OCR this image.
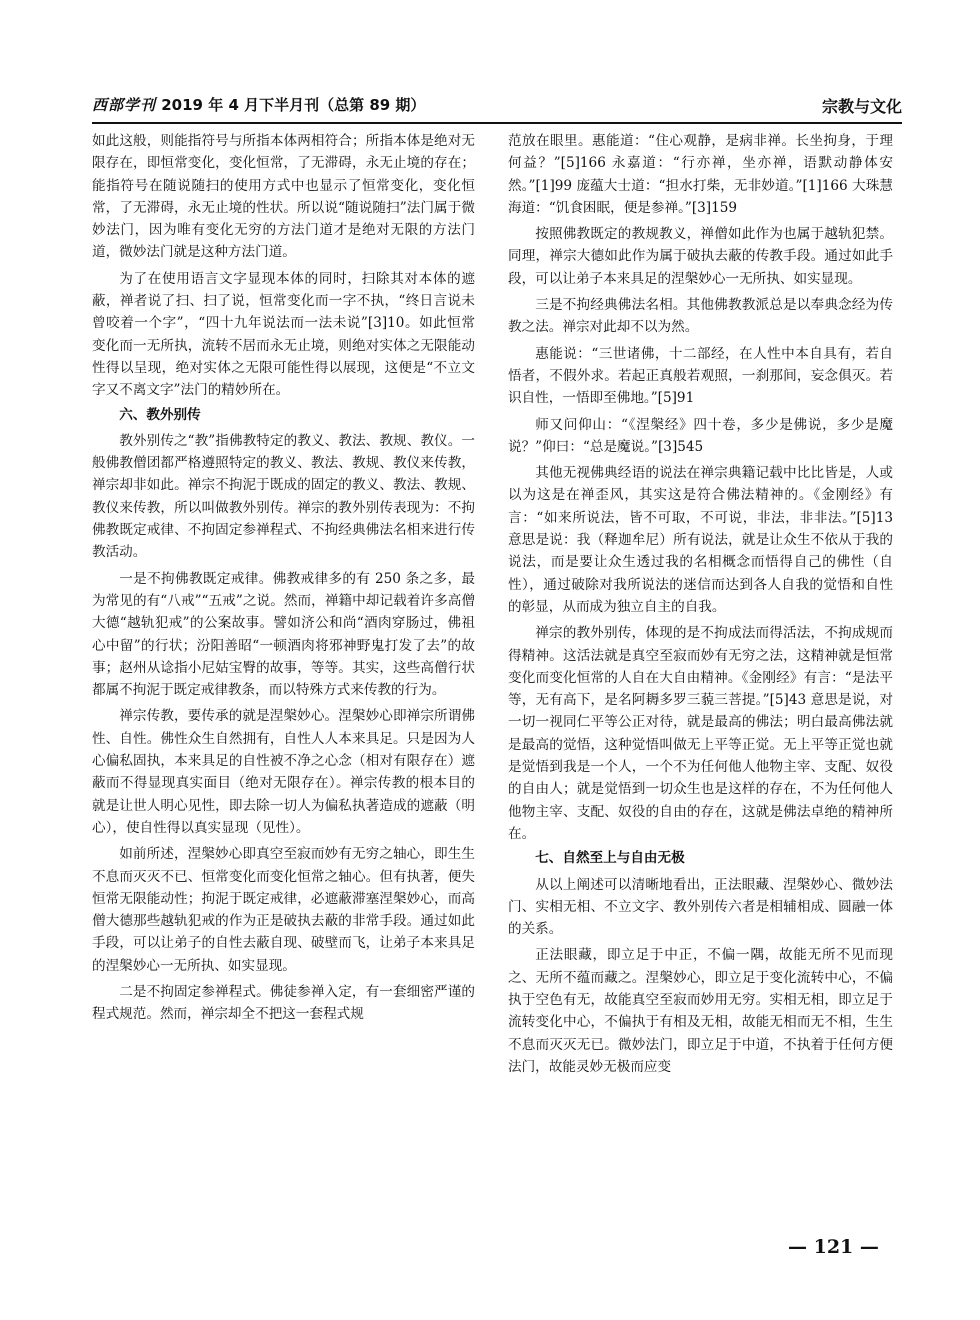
西部学刊 2019 年 4 月下半月刊（总第 89 期）	宗教与文化

如此这般，则能指符号与所指本体两相符合；所指本体是绝对无限存在，即恒常变化，变化恒常，了无滞碍，永无止境的存在；能指符号在随说随扫的使用方式中也显示了恒常变化，变化恒常，了无滞碍，永无止境的性状。所以说“随说随扫”法门属于微妙法门，因为唯有变化无穷的方法门道才是绝对无限的方法门道，微妙法门就是这种方法门道。

为了在使用语言文字显现本体的同时，扫除其对本体的遮蔽，禅者说了扫、扫了说，恒常变化而一字不执，“终日言说未曾咬着一个字”，“四十九年说法而一法未说”[3]10。如此恒常变化而一无所执，流转不居而永无止境，则绝对实体之无限能动性得以呈现，绝对实体之无限可能性得以展现，这便是“不立文字又不离文字”法门的精妙所在。

六、教外别传

教外别传之“教”指佛教特定的教义、教法、教规、教仪。一般佛教僧团都严格遵照特定的教义、教法、教规、教仪来传教，禅宗却非如此。禅宗不拘泥于既成的固定的教义、教法、教规、教仪来传教，所以叫做教外别传。禅宗的教外别传表现为：不拘佛教既定戒律、不拘固定参禅程式、不拘经典佛法名相来进行传教活动。

一是不拘佛教既定戒律。佛教戒律多的有 250 条之多，最为常见的有“八戒”“五戒”之说。然而，禅籍中却记载着许多高僧大德“越轨犯戒”的公案故事。譬如济公和尚“酒肉穿肠过，佛祖心中留”的行状；汾阳善昭“一顿酒肉将邪神野鬼打发了去”的故事；赵州从谂指小尼姑宝臀的故事，等等。其实，这些高僧行状都属不拘泥于既定戒律教条，而以特殊方式来传教的行为。

禅宗传教，要传承的就是涅槃妙心。涅槃妙心即禅宗所谓佛性、自性。佛性众生自然拥有，自性人人本来具足。只是因为人心偏私固执，本来具足的自性被不净之心念（相对有限存在）遮蔽而不得显现真实面目（绝对无限存在）。禅宗传教的根本目的就是让世人明心见性，即去除一切人为偏私执著造成的遮蔽（明心），使自性得以真实显现（见性）。

如前所述，涅槃妙心即真空至寂而妙有无穷之轴心，即生生不息而灭灭不已、恒常变化而变化恒常之轴心。但有执著，便失恒常无限能动性；拘泥于既定戒律，必遮蔽滞塞涅槃妙心，而高僧大德那些越轨犯戒的作为正是破执去蔽的非常手段。通过如此手段，可以让弟子的自性去蔽自现、破壁而飞，让弟子本来具足的涅槃妙心一无所执、如实显现。

二是不拘固定参禅程式。佛徒参禅入定，有一套细密严谨的程式规范。然而，禅宗却全不把这一套程式规

范放在眼里。惠能道：“住心观静，是病非禅。长坐拘身，于理何益？”[5]166 永嘉道：“行亦禅，坐亦禅，语默动静体安然。”[1]99 庞蕴大士道：“担水打柴，无非妙道。”[1]166 大珠慧海道：“饥食困眠，便是参禅。”[3]159

按照佛教既定的教规教义，禅僧如此作为也属于越轨犯禁。同理，禅宗大德如此作为属于破执去蔽的传教手段。通过如此手段，可以让弟子本来具足的涅槃妙心一无所执、如实显现。

三是不拘经典佛法名相。其他佛教教派总是以奉典念经为传教之法。禅宗对此却不以为然。

惠能说：“三世诸佛，十二部经，在人性中本自具有，若自悟者，不假外求。若起正真般若观照，一刹那间，妄念俱灭。若识自性，一悟即至佛地。”[5]91

师又问仰山：“《涅槃经》四十卷，多少是佛说，多少是魔说？”仰曰：“总是魔说。”[3]545

其他无视佛典经语的说法在禅宗典籍记载中比比皆是，人或以为这是在禅歪风，其实这是符合佛法精神的。《金刚经》有言：“如来所说法，皆不可取，不可说，非法，非非法。”[5]13 意思是说：我（释迦牟尼）所有说法，就是让众生不依从于我的说法，而是要让众生透过我的名相概念而悟得自己的佛性（自性），通过破除对我所说法的迷信而达到各人自我的觉悟和自性的彰显，从而成为独立自主的自我。

禅宗的教外别传，体现的是不拘成法而得活法，不拘成规而得精神。这活法就是真空至寂而妙有无穷之法，这精神就是恒常变化而变化恒常的人自在大自由精神。《金刚经》有言：“是法平等，无有高下，是名阿耨多罗三藐三菩提。”[5]43 意思是说，对一切一视同仁平等公正对待，就是最高的佛法；明白最高佛法就是最高的觉悟，这种觉悟叫做无上平等正觉。无上平等正觉也就是觉悟到我是一个人，一个不为任何他人他物主宰、支配、奴役的自由人；就是觉悟到一切众生也是这样的存在，不为任何他人他物主宰、支配、奴役的自由的存在，这就是佛法卓绝的精神所在。

七、自然至上与自由无极

从以上阐述可以清晰地看出，正法眼藏、涅槃妙心、微妙法门、实相无相、不立文字、教外别传六者是相辅相成、圆融一体的关系。

正法眼藏，即立足于中正，不偏一隅，故能无所不见而现之、无所不蕴而藏之。涅槃妙心，即立足于变化流转中心，不偏执于空色有无，故能真空至寂而妙用无穷。实相无相，即立足于流转变化中心，不偏执于有相及无相，故能无相而无不相，生生不息而灭灭无已。微妙法门，即立足于中道，不执着于任何方便法门，故能灵妙无极而应变

— 121 —
